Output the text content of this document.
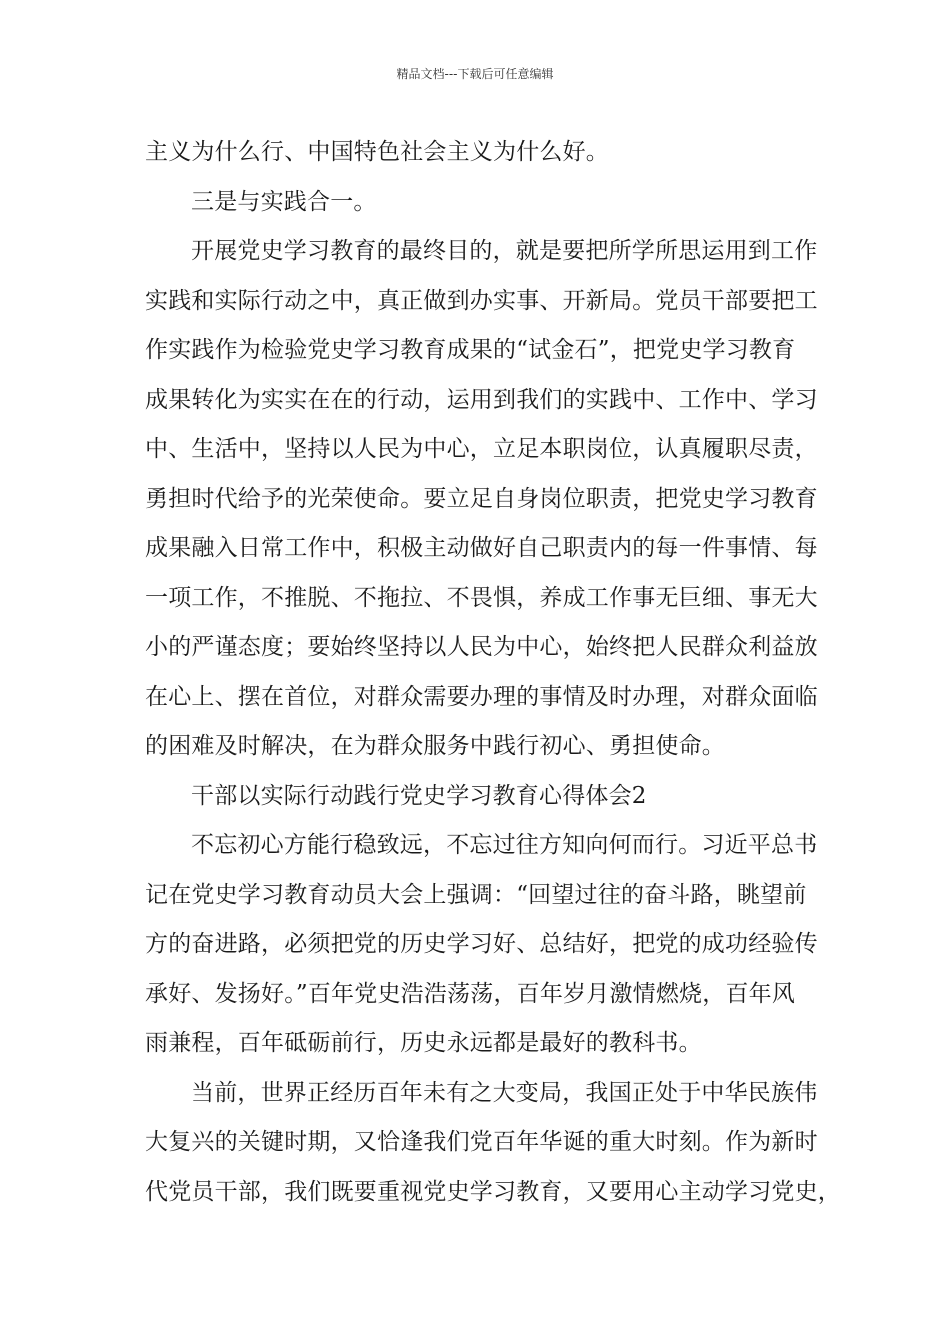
精品文档---下载后可任意编辑
主义为什么行、中国特色社会主义为什么好。
三是与实践合一。
开展党史学习教育的最终目的，就是要把所学所思运用到工作
实践和实际行动之中，真正做到办实事、开新局。党员干部要把工
作实践作为检验党史学习教育成果的“试金石”，把党史学习教育
成果转化为实实在在的行动，运用到我们的实践中、工作中、学习
中、生活中，坚持以人民为中心，立足本职岗位，认真履职尽责，
勇担时代给予的光荣使命。要立足自身岗位职责，把党史学习教育
成果融入日常工作中，积极主动做好自己职责内的每一件事情、每
一项工作，不推脱、不拖拉、不畏惧，养成工作事无巨细、事无大
小的严谨态度；要始终坚持以人民为中心，始终把人民群众利益放
在心上、摆在首位，对群众需要办理的事情及时办理，对群众面临
的困难及时解决，在为群众服务中践行初心、勇担使命。
干部以实际行动践行党史学习教育心得体会2
不忘初心方能行稳致远，不忘过往方知向何而行。习近平总书
记在党史学习教育动员大会上强调：“回望过往的奋斗路，眺望前
方的奋进路，必须把党的历史学习好、总结好，把党的成功经验传
承好、发扬好。”百年党史浩浩荡荡，百年岁月激情燃烧，百年风
雨兼程，百年砥砺前行，历史永远都是最好的教科书。
当前，世界正经历百年未有之大变局，我国正处于中华民族伟
大复兴的关键时期，又恰逢我们党百年华诞的重大时刻。作为新时
代党员干部，我们既要重视党史学习教育，又要用心主动学习党史，
